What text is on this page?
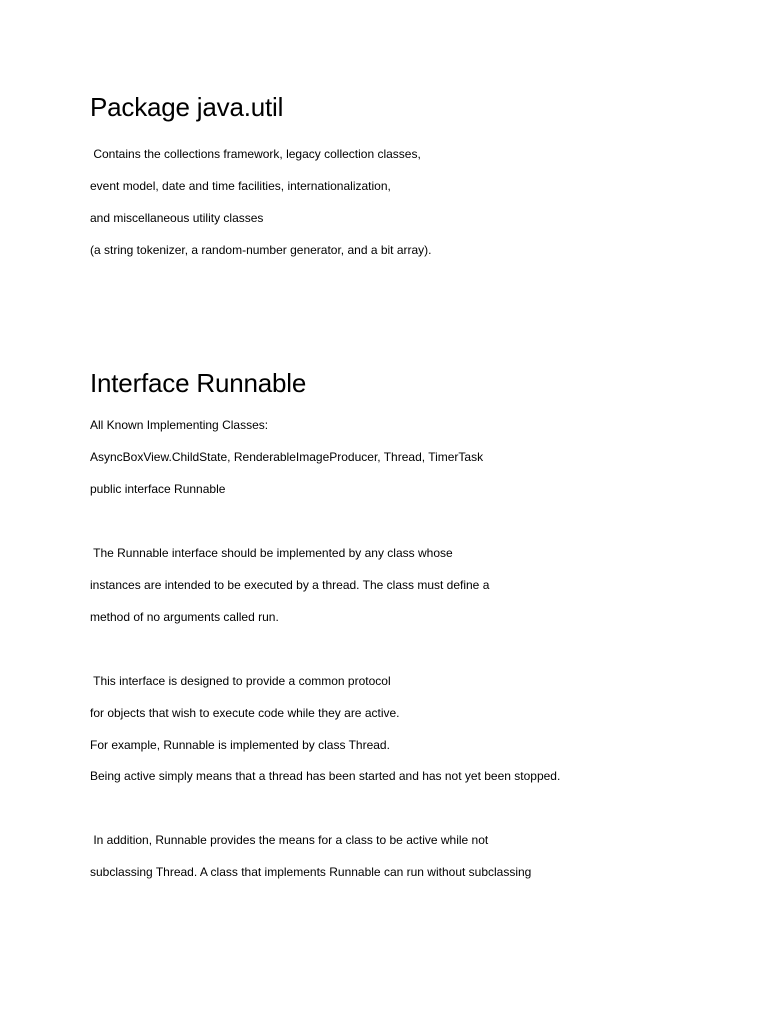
Package java.util

Contains the collections framework, legacy collection classes,

event model, date and time facilities, internationalization,

and miscellaneous utility classes

(a string tokenizer, a random-number generator, and a bit array).

Interface Runnable

All Known Implementing Classes:

AsyncBoxView.ChildState, RenderableImageProducer, Thread, TimerTask

public interface Runnable

The Runnable interface should be implemented by any class whose

instances are intended to be executed by a thread. The class must define a

method of no arguments called run.

This interface is designed to provide a common protocol

for objects that wish to execute code while they are active.

For example, Runnable is implemented by class Thread.

Being active simply means that a thread has been started and has not yet been stopped.

In addition, Runnable provides the means for a class to be active while not

subclassing Thread. A class that implements Runnable can run without subclassing
